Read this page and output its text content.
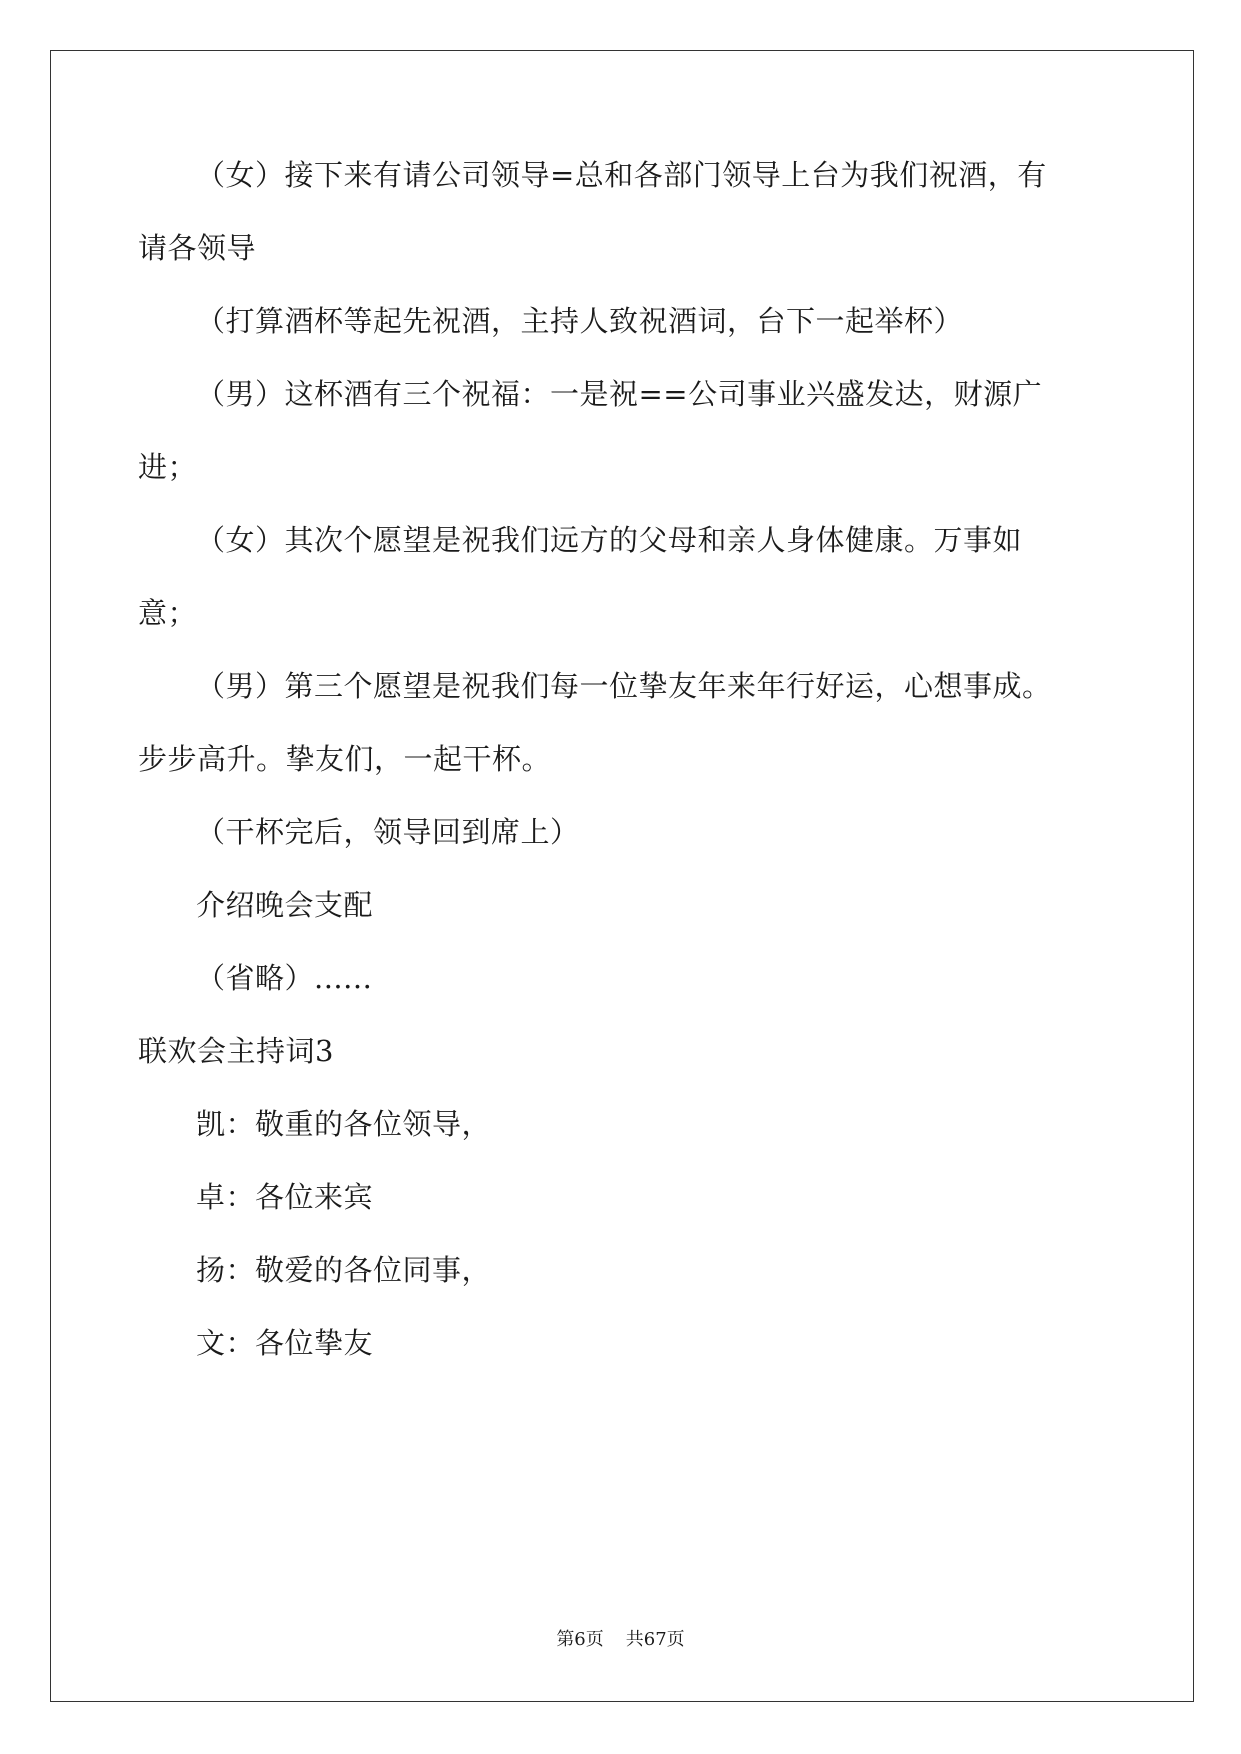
（女）接下来有请公司领导=总和各部门领导上台为我们祝酒，有
请各领导
（打算酒杯等起先祝酒，主持人致祝酒词，台下一起举杯）
（男）这杯酒有三个祝福：一是祝==公司事业兴盛发达，财源广
进；
（女）其次个愿望是祝我们远方的父母和亲人身体健康。万事如
意；
（男）第三个愿望是祝我们每一位挚友年来年行好运，心想事成。
步步高升。挚友们，一起干杯。
（干杯完后，领导回到席上）
介绍晚会支配
（省略）......
联欢会主持词3
凯：敬重的各位领导，
卓：各位来宾
扬：敬爱的各位同事，
文：各位挚友
第6页 共67页
